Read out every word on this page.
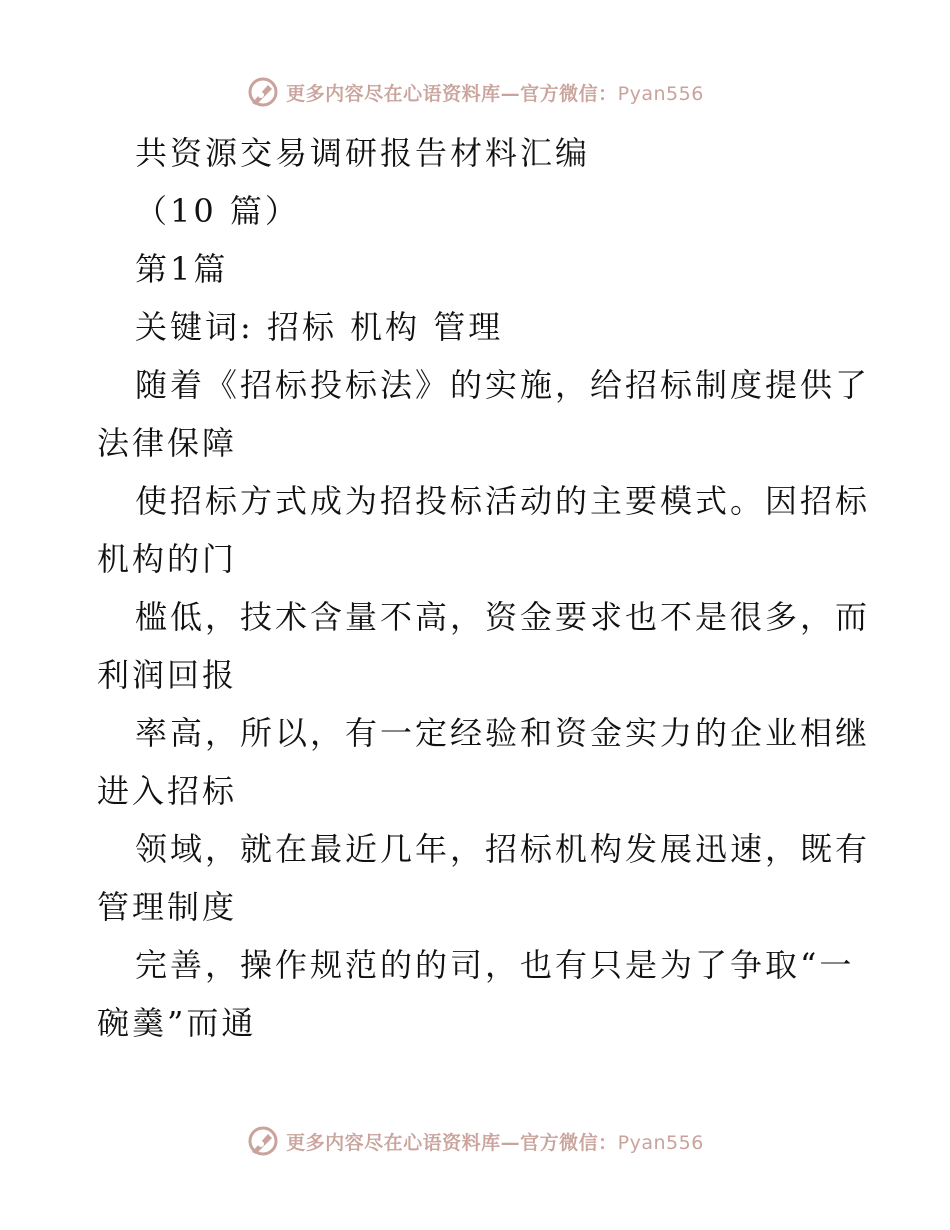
更多内容尽在心语资料库—官方微信：Pyan556
共资源交易调研报告材料汇编
（10 篇）
第1篇
关键词: 招标 机构 管理
随着《招标投标法》的实施，给招标制度提供了
法律保障
使招标方式成为招投标活动的主要模式。因招标
机构的门
槛低，技术含量不高，资金要求也不是很多，而
利润回报
率高，所以，有一定经验和资金实力的企业相继
进入招标
领域，就在最近几年，招标机构发展迅速，既有
管理制度
完善，操作规范的的司，也有只是为了争取“一
碗羹”而通
更多内容尽在心语资料库—官方微信：Pyan556
